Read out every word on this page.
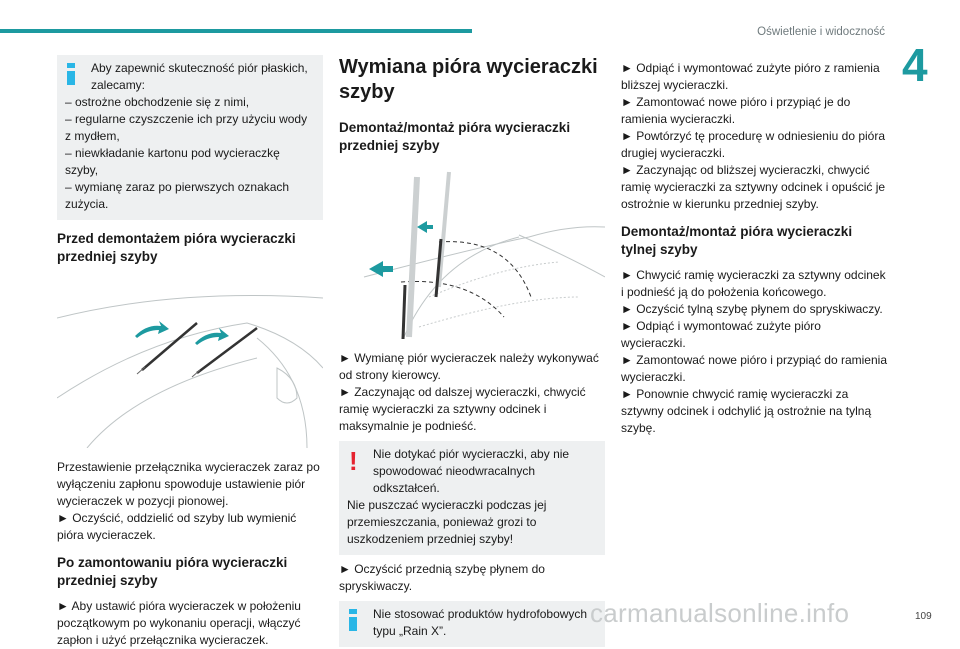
Oświetlenie i widoczność
4

Aby zapewnić skuteczność piór płaskich, zalecamy:

– ostrożne obchodzenie się z nimi,

– regularne czyszczenie ich przy użyciu wody z mydłem,

– niewkładanie kartonu pod wycieraczkę szyby,

– wymianę zaraz po pierwszych oznakach zużycia.

Przed demontażem pióra wycieraczki przedniej szyby

Przestawienie przełącznika wycieraczek zaraz po wyłączeniu zapłonu spowoduje ustawienie piór wycieraczek w pozycji pionowej.

► Oczyścić, oddzielić od szyby lub wymienić pióra wycieraczek.

Po zamontowaniu pióra wycieraczki przedniej szyby

► Aby ustawić pióra wycieraczek w położeniu początkowym po wykonaniu operacji, włączyć zapłon i użyć przełącznika wycieraczek.

Wymiana pióra wycieraczki szyby
Demontaż/montaż pióra wycieraczki przedniej szyby

► Wymianę piór wycieraczek należy wykonywać od strony kierowcy.

► Zaczynając od dalszej wycieraczki, chwycić ramię wycieraczki za sztywny odcinek i maksymalnie je podnieść.

!	Nie dotykać piór wycieraczki, aby nie spowodować nieodwracalnych odkształceń.

Nie puszczać wycieraczki podczas jej przemieszczania, ponieważ grozi to uszkodzeniem przedniej szyby!

► Oczyścić przednią szybę płynem do spryskiwaczy.

Nie stosować produktów hydrofobowych typu „Rain X”.

► Odpiąć i wymontować zużyte pióro z ramienia bliższej wycieraczki.

► Zamontować nowe pióro i przypiąć je do ramienia wycieraczki.

► Powtórzyć tę procedurę w odniesieniu do pióra drugiej wycieraczki.

► Zaczynając od bliższej wycieraczki, chwycić ramię wycieraczki za sztywny odcinek i opuścić je ostrożnie w kierunku przedniej szyby.

Demontaż/montaż pióra wycieraczki tylnej szyby

► Chwycić ramię wycieraczki za sztywny odcinek i podnieść ją do położenia końcowego.

► Oczyścić tylną szybę płynem do spryskiwaczy.

► Odpiąć i wymontować zużyte pióro wycieraczki.

► Zamontować nowe pióro i przypiąć do ramienia wycieraczki.

► Ponownie chwycić ramię wycieraczki za sztywny odcinek i odchylić ją ostrożnie na tylną szybę.

carmanualsonline.info	109
